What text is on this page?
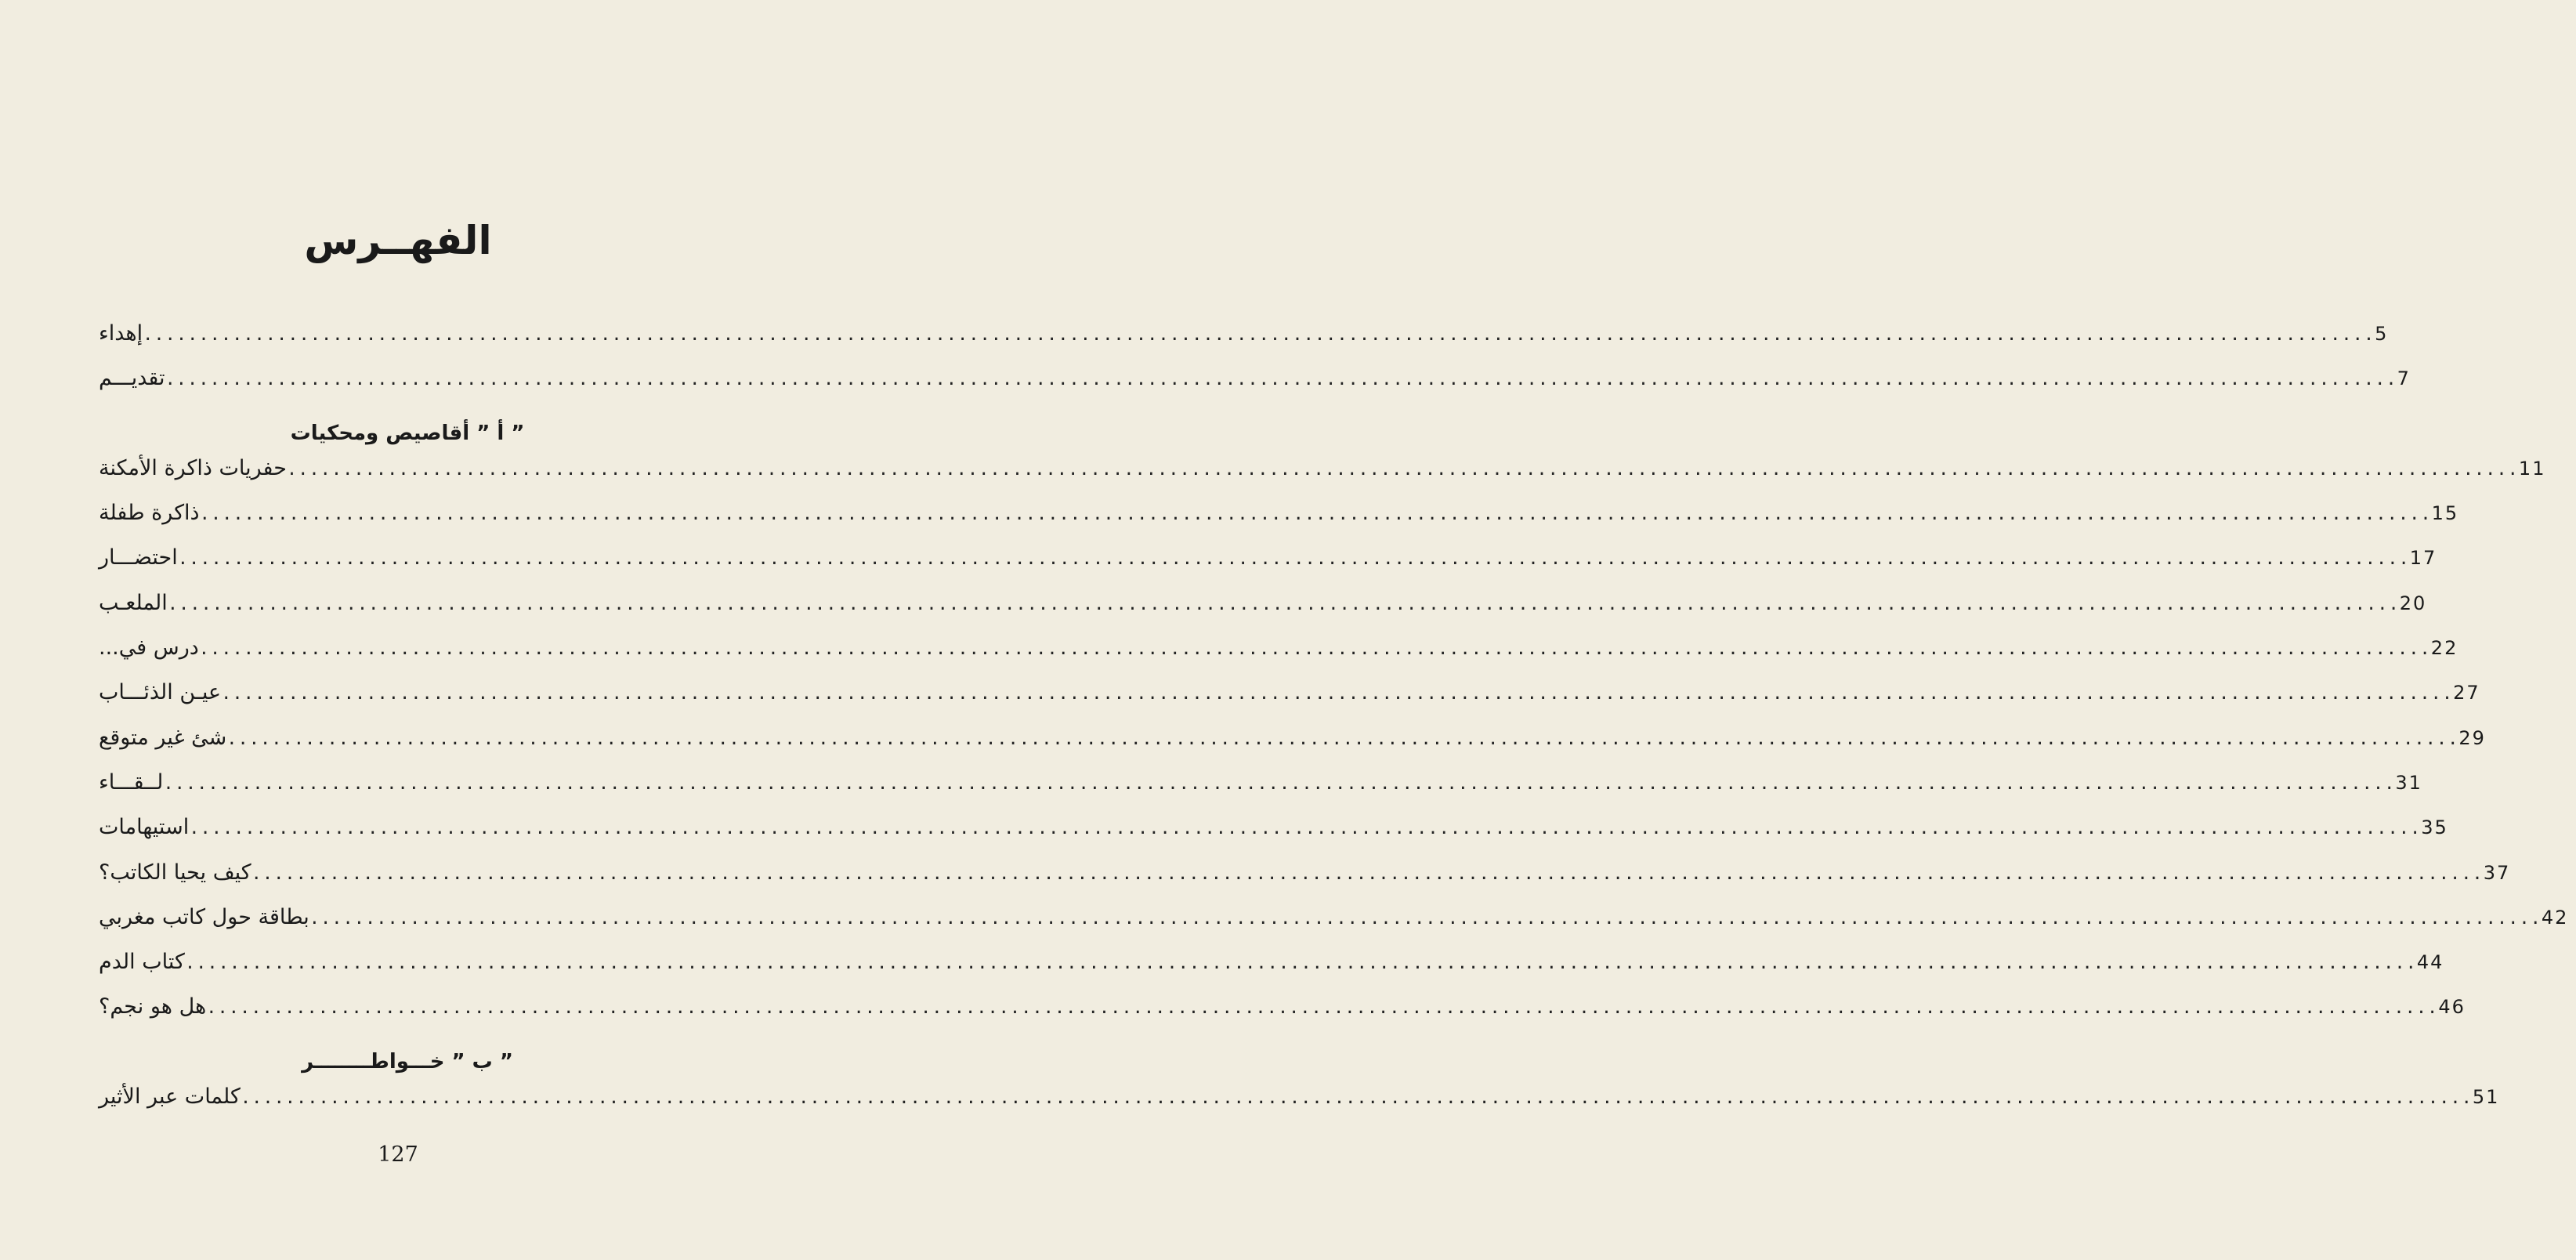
الفهــرس
إهداء ........................................................................................................................................................................................................ 5
تقديـــم ........................................................................................................................................................................................................ 7
” أ ” أقاصيص ومحكيات
حفريات ذاكرة الأمكنة ........................................................................................................................................................................................................ 11
ذاكرة طفلة ........................................................................................................................................................................................................ 15
احتضـــار ........................................................................................................................................................................................................ 17
الملعـب ........................................................................................................................................................................................................ 20
درس في... ........................................................................................................................................................................................................ 22
عيـن الذئـــاب ........................................................................................................................................................................................................ 27
شئ غير متوقع ........................................................................................................................................................................................................ 29
لــقـــاء ........................................................................................................................................................................................................ 31
استيهامات ........................................................................................................................................................................................................ 35
كيف يحيا الكاتب؟ ........................................................................................................................................................................................................ 37
بطاقة حول كاتب مغربي ........................................................................................................................................................................................................ 42
كتاب الدم ........................................................................................................................................................................................................ 44
هل هو نجم؟ ........................................................................................................................................................................................................ 46
” ب ” خـــواطــــــــر
كلمات عبر الأثير ........................................................................................................................................................................................................ 51
127
